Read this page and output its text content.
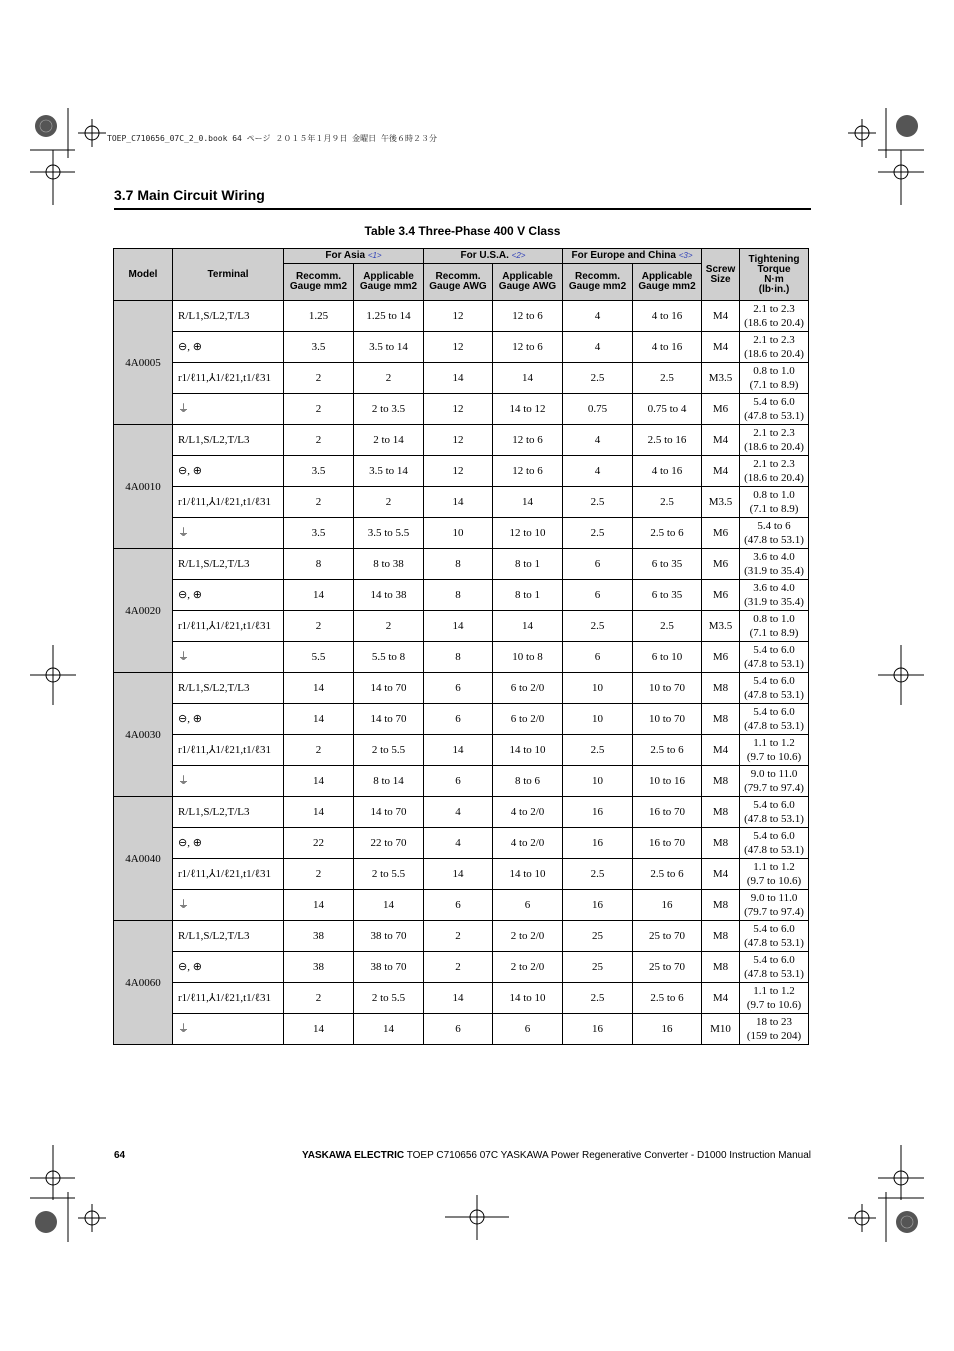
TOEP_C710656_07C_2_0.book 64 ページ ２０１５年１月９日 金曜日 午後６時２３分
3.7 Main Circuit Wiring
Table 3.4 Three-Phase 400 V Class
Model	Terminal	For Asia <1>		For U.S.A. <2>		For Europe and China <3>		Screw Size	Tightening Torque
N·m
(lb·in.)

		Recomm. Gauge mm2	Applicable Gauge mm2	Recomm. Gauge AWG	Applicable Gauge AWG	Recomm. Gauge mm2	Applicable Gauge mm2		
4A0005	R/L1,S/L2,T/L3	1.25	1.25 to 14	12	12 to 6	4	4 to 16	M4	2.1 to 2.3
(18.6 to 20.4)

	⊖, ⊕	3.5	3.5 to 14	12	12 to 6	4	4 to 16	M4	2.1 to 2.3
(18.6 to 20.4)

	r1/ℓ11,⅄1/ℓ21,t1/ℓ31	2	2	14	14	2.5	2.5	M3.5	0.8 to 1.0
(7.1 to 8.9)

	⏚	2	2 to 3.5	12	14 to 12	0.75	0.75 to 4	M6	5.4 to 6.0
(47.8 to 53.1)

4A0010	R/L1,S/L2,T/L3	2	2 to 14	12	12 to 6	4	2.5 to 16	M4	2.1 to 2.3
(18.6 to 20.4)

	⊖, ⊕	3.5	3.5 to 14	12	12 to 6	4	4 to 16	M4	2.1 to 2.3
(18.6 to 20.4)

	r1/ℓ11,⅄1/ℓ21,t1/ℓ31	2	2	14	14	2.5	2.5	M3.5	0.8 to 1.0
(7.1 to 8.9)

	⏚	3.5	3.5 to 5.5	10	12 to 10	2.5	2.5 to 6	M6	5.4 to 6
(47.8 to 53.1)

4A0020	R/L1,S/L2,T/L3	8	8 to 38	8	8 to 1	6	6 to 35	M6	3.6 to 4.0
(31.9 to 35.4)

	⊖, ⊕	14	14 to 38	8	8 to 1	6	6 to 35	M6	3.6 to 4.0
(31.9 to 35.4)

	r1/ℓ11,⅄1/ℓ21,t1/ℓ31	2	2	14	14	2.5	2.5	M3.5	0.8 to 1.0
(7.1 to 8.9)

	⏚	5.5	5.5 to 8	8	10 to 8	6	6 to 10	M6	5.4 to 6.0
(47.8 to 53.1)

4A0030	R/L1,S/L2,T/L3	14	14 to 70	6	6 to 2/0	10	10 to 70	M8	5.4 to 6.0
(47.8 to 53.1)

	⊖, ⊕	14	14 to 70	6	6 to 2/0	10	10 to 70	M8	5.4 to 6.0
(47.8 to 53.1)

	r1/ℓ11,⅄1/ℓ21,t1/ℓ31	2	2 to 5.5	14	14 to 10	2.5	2.5 to 6	M4	1.1 to 1.2
(9.7 to 10.6)

	⏚	14	8 to 14	6	8 to 6	10	10 to 16	M8	9.0 to 11.0
(79.7 to 97.4)

4A0040	R/L1,S/L2,T/L3	14	14 to 70	4	4 to 2/0	16	16 to 70	M8	5.4 to 6.0
(47.8 to 53.1)

	⊖, ⊕	22	22 to 70	4	4 to 2/0	16	16 to 70	M8	5.4 to 6.0
(47.8 to 53.1)

	r1/ℓ11,⅄1/ℓ21,t1/ℓ31	2	2 to 5.5	14	14 to 10	2.5	2.5 to 6	M4	1.1 to 1.2
(9.7 to 10.6)

	⏚	14	14	6	6	16	16	M8	9.0 to 11.0
(79.7 to 97.4)

4A0060	R/L1,S/L2,T/L3	38	38 to 70	2	2 to 2/0	25	25 to 70	M8	5.4 to 6.0
(47.8 to 53.1)

	⊖, ⊕	38	38 to 70	2	2 to 2/0	25	25 to 70	M8	5.4 to 6.0
(47.8 to 53.1)

	r1/ℓ11,⅄1/ℓ21,t1/ℓ31	2	2 to 5.5	14	14 to 10	2.5	2.5 to 6	M4	1.1 to 1.2
(9.7 to 10.6)

	⏚	14	14	6	6	16	16	M10	18 to 23
(159 to 204)
64	YASKAWA ELECTRIC TOEP C710656 07C YASKAWA Power Regenerative Converter - D1000 Instruction Manual
